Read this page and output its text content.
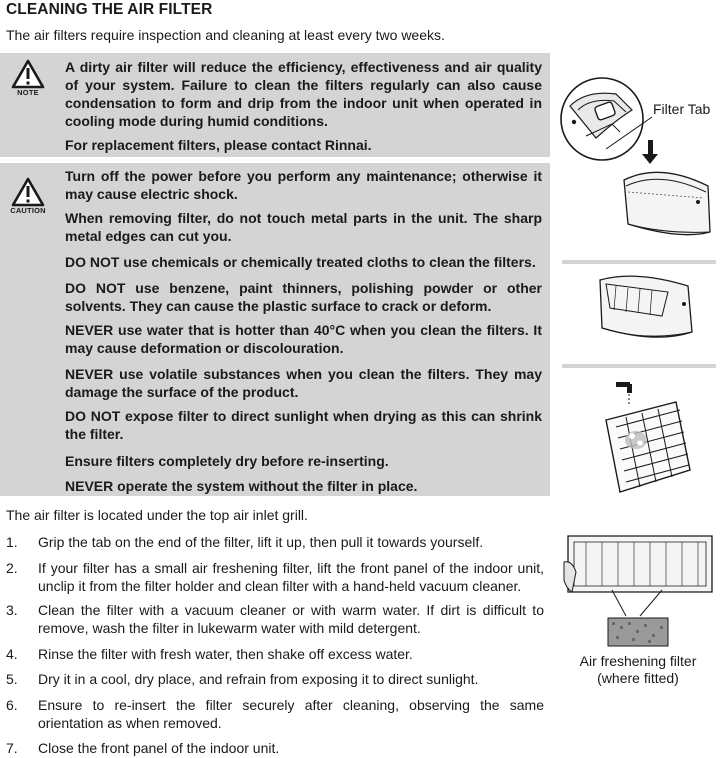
CLEANING THE AIR FILTER
The air filters require inspection and cleaning at least every two weeks.
NOTE

A dirty air filter will reduce the efficiency, effectiveness and air quality of your system. Failure to clean the filters regularly can also cause condensation to form and drip from the indoor unit when operated in cooling mode during humid conditions.

For replacement filters, please contact Rinnai.

CAUTION

Turn off the power before you perform any maintenance; otherwise it may cause electric shock.

When removing filter, do not touch metal parts in the unit. The sharp metal edges can cut you.

DO NOT use chemicals or chemically treated cloths to clean the filters.

DO NOT use benzene, paint thinners, polishing powder or other solvents. They can cause the plastic surface to crack or deform.

NEVER use water that is hotter than 40°C when you clean the filters. It may cause deformation or discolouration.

NEVER use volatile substances when you clean the filters. They may damage the surface of the product.

DO NOT expose filter to direct sunlight when drying as this can shrink the filter.

Ensure filters completely dry before re-inserting.

NEVER operate the system without the filter in place.

The air filter is located under the top air inlet grill.
1.	Grip the tab on the end of the filter, lift it up, then pull it towards yourself.
2.	If your filter has a small air freshening filter, lift the front panel of the indoor unit, unclip it from the filter holder and clean filter with a hand-held vacuum cleaner.
3.	Clean the filter with a vacuum cleaner or with warm water. If dirt is difficult to remove, wash the filter in lukewarm water with mild detergent.
4.	Rinse the filter with fresh water, then shake off excess water.
5.	Dry it in a cool, dry place, and refrain from exposing it to direct sunlight.
6.	Ensure to re-insert the filter securely after cleaning, observing the same orientation as when removed.
7.	Close the front panel of the indoor unit.
Filter Tab
Air freshening filter
(where fitted)
